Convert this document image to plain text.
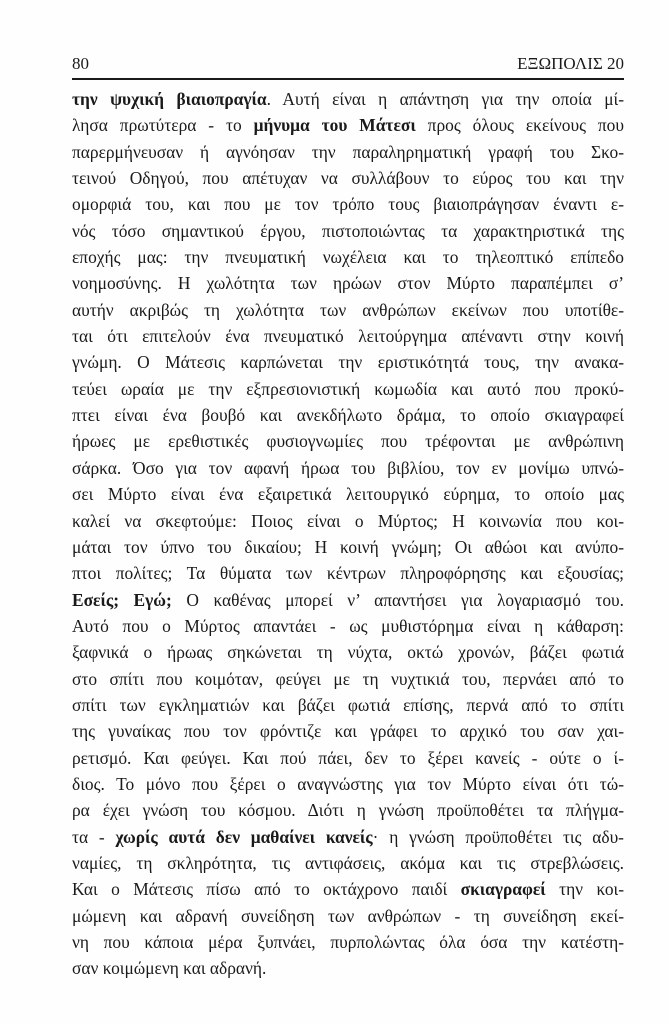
80	ΕΞΩΠΟΛΙΣ 20
την ψυχική βιαιοπραγία. Αυτή είναι η απάντηση για την οποία μί-
λησα πρωτύτερα - το μήνυμα του Μάτεσι προς όλους εκείνους που
παρερμήνευσαν ή αγνόησαν την παραληρηματική γραφή του Σκο-
τεινού Οδηγού, που απέτυχαν να συλλάβουν το εύρος του και την
ομορφιά του, και που με τον τρόπο τους βιαιοπράγησαν έναντι ε-
νός τόσο σημαντικού έργου, πιστοποιώντας τα χαρακτηριστικά της
εποχής μας: την πνευματική νωχέλεια και το τηλεοπτικό επίπεδο
νοημοσύνης. Η χωλότητα των ηρώων στον Μύρτο παραπέμπει σ’
αυτήν ακριβώς τη χωλότητα των ανθρώπων εκείνων που υποτίθε-
ται ότι επιτελούν ένα πνευματικό λειτούργημα απέναντι στην κοινή
γνώμη. Ο Μάτεσις καρπώνεται την εριστικότητά τους, την ανακα-
τεύει ωραία με την εξπρεσιονιστική κωμωδία και αυτό που προκύ-
πτει είναι ένα βουβό και ανεκδήλωτο δράμα, το οποίο σκιαγραφεί
ήρωες με ερεθιστικές φυσιογνωμίες που τρέφονται με ανθρώπινη
σάρκα. Όσο για τον αφανή ήρωα του βιβλίου, τον εν μονίμω υπνώ-
σει Μύρτο είναι ένα εξαιρετικά λειτουργικό εύρημα, το οποίο μας
καλεί να σκεφτούμε: Ποιος είναι ο Μύρτος; Η κοινωνία που κοι-
μάται τον ύπνο του δικαίου; Η κοινή γνώμη; Οι αθώοι και ανύπο-
πτοι πολίτες; Τα θύματα των κέντρων πληροφόρησης και εξουσίας;
Εσείς; Εγώ; Ο καθένας μπορεί ν’ απαντήσει για λογαριασμό του.
Αυτό που ο Μύρτος απαντάει - ως μυθιστόρημα είναι η κάθαρση:
ξαφνικά ο ήρωας σηκώνεται τη νύχτα, οκτώ χρονών, βάζει φωτιά
στο σπίτι που κοιμόταν, φεύγει με τη νυχτικιά του, περνάει από το
σπίτι των εγκληματιών και βάζει φωτιά επίσης, περνά από το σπίτι
της γυναίκας που τον φρόντιζε και γράφει το αρχικό του σαν χαι-
ρετισμό. Και φεύγει. Και πού πάει, δεν το ξέρει κανείς - ούτε ο ί-
διος. Το μόνο που ξέρει ο αναγνώστης για τον Μύρτο είναι ότι τώ-
ρα έχει γνώση του κόσμου. Διότι η γνώση προϋποθέτει τα πλήγμα-
τα - χωρίς αυτά δεν μαθαίνει κανείς· η γνώση προϋποθέτει τις αδυ-
ναμίες, τη σκληρότητα, τις αντιφάσεις, ακόμα και τις στρεβλώσεις.
Και ο Μάτεσις πίσω από το οκτάχρονο παιδί σκιαγραφεί την κοι-
μώμενη και αδρανή συνείδηση των ανθρώπων - τη συνείδηση εκεί-
νη που κάποια μέρα ξυπνάει, πυρπολώντας όλα όσα την κατέστη-
σαν κοιμώμενη και αδρανή.
